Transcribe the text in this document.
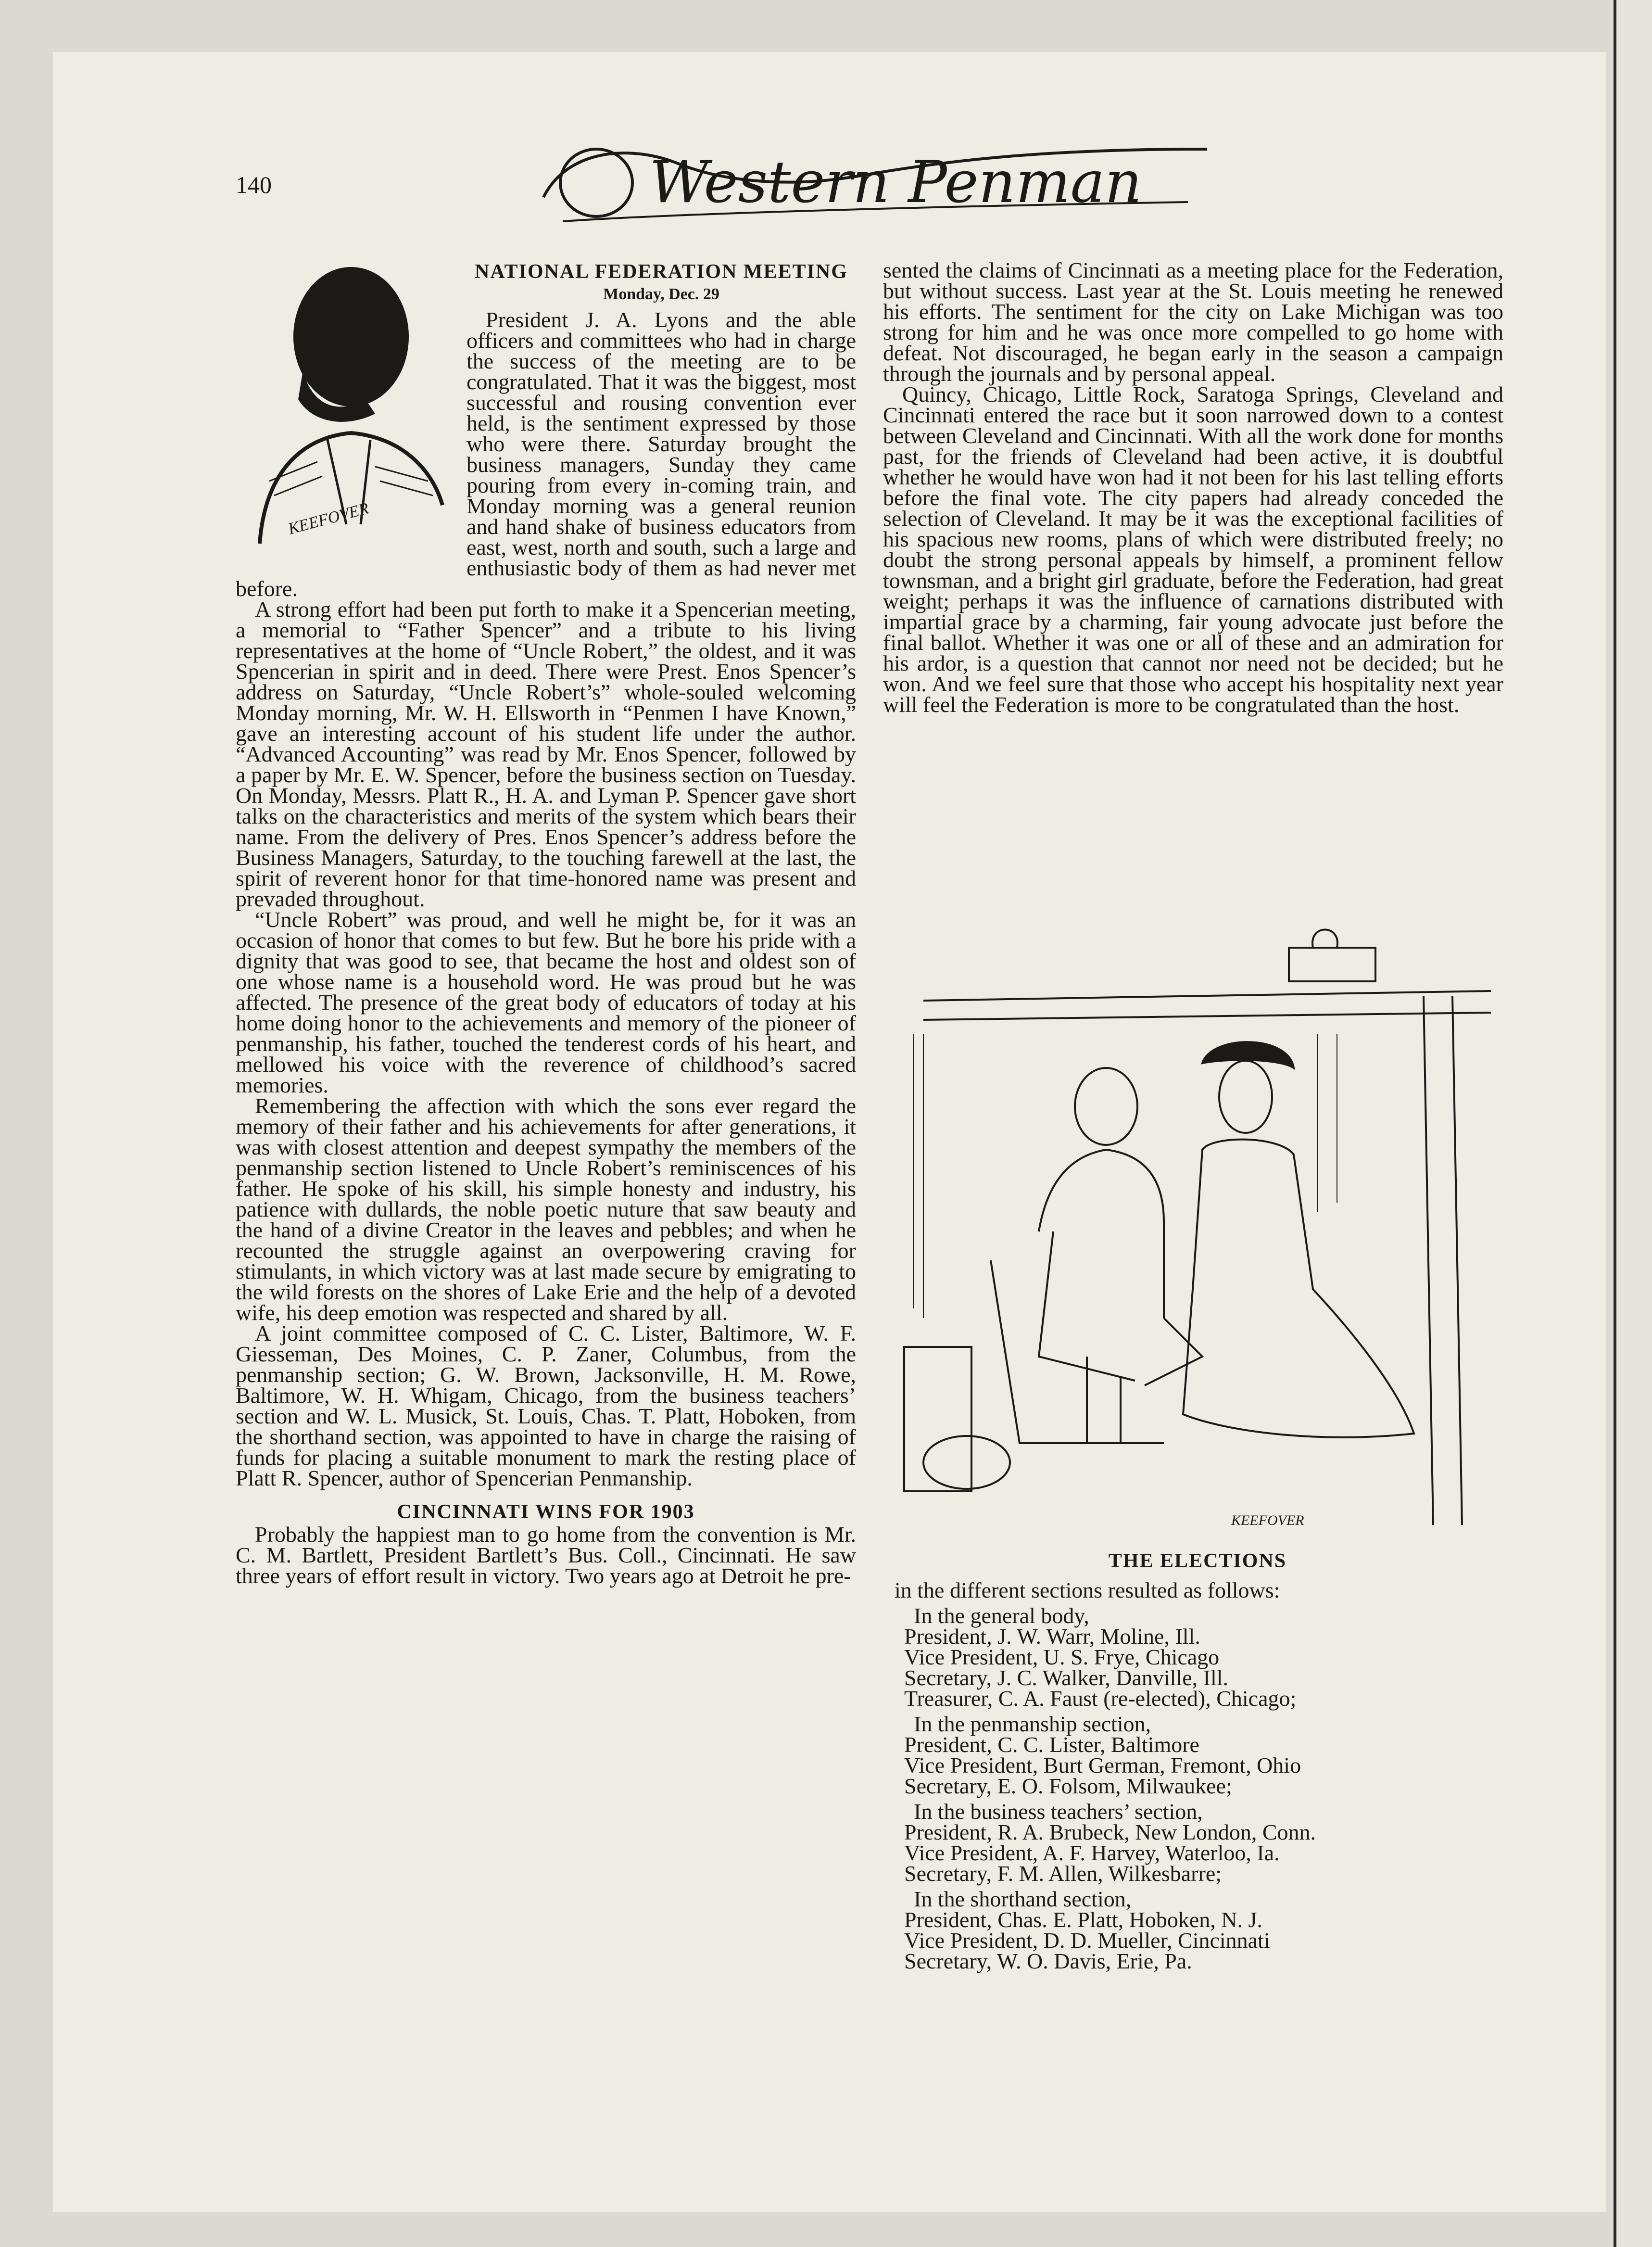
140	Western Penman
KEEFOVER
NATIONAL FEDERATION MEETING
Monday, Dec. 29

President J. A. Lyons and the able officers and committees who had in charge the success of the meeting are to be congratulated. That it was the biggest, most successful and rousing convention ever held, is the sentiment expressed by those who were there. Saturday brought the business managers, Sunday they came pouring from every in-coming train, and Monday morning was a general reunion and hand shake of business educators from east, west, north and south, such a large and enthusiastic body of them as had never met before.

A strong effort had been put forth to make it a Spencerian meeting, a memorial to “Father Spencer” and a tribute to his living representatives at the home of “Uncle Robert,” the oldest, and it was Spencerian in spirit and in deed. There were Prest. Enos Spencer’s address on Saturday, “Uncle Robert’s” whole-souled welcoming Monday morning, Mr. W. H. Ellsworth in “Penmen I have Known,” gave an interesting account of his student life under the author. “Advanced Accounting” was read by Mr. Enos Spencer, followed by a paper by Mr. E. W. Spencer, before the business section on Tuesday. On Monday, Messrs. Platt R., H. A. and Lyman P. Spencer gave short talks on the characteristics and merits of the system which bears their name. From the delivery of Pres. Enos Spencer’s address before the Business Managers, Saturday, to the touching farewell at the last, the spirit of reverent honor for that time-honored name was present and prevaded throughout.

“Uncle Robert” was proud, and well he might be, for it was an occasion of honor that comes to but few. But he bore his pride with a dignity that was good to see, that became the host and oldest son of one whose name is a household word. He was proud but he was affected. The presence of the great body of educators of today at his home doing honor to the achievements and memory of the pioneer of penmanship, his father, touched the tenderest cords of his heart, and mellowed his voice with the reverence of childhood’s sacred memories.

Remembering the affection with which the sons ever regard the memory of their father and his achievements for after generations, it was with closest attention and deepest sympathy the members of the penmanship section listened to Uncle Robert’s reminiscences of his father. He spoke of his skill, his simple honesty and industry, his patience with dullards, the noble poetic nuture that saw beauty and the hand of a divine Creator in the leaves and pebbles; and when he recounted the struggle against an overpowering craving for stimulants, in which victory was at last made secure by emigrating to the wild forests on the shores of Lake Erie and the help of a devoted wife, his deep emotion was respected and shared by all.

A joint committee composed of C. C. Lister, Baltimore, W. F. Giesseman, Des Moines, C. P. Zaner, Columbus, from the penmanship section; G. W. Brown, Jacksonville, H. M. Rowe, Baltimore, W. H. Whigam, Chicago, from the business teachers’ section and W. L. Musick, St. Louis, Chas. T. Platt, Hoboken, from the shorthand section, was appointed to have in charge the raising of funds for placing a suitable monument to mark the resting place of Platt R. Spencer, author of Spencerian Penmanship.

CINCINNATI WINS FOR 1903

Probably the happiest man to go home from the convention is Mr. C. M. Bartlett, President Bartlett’s Bus. Coll., Cincinnati. He saw three years of effort result in victory. Two years ago at Detroit he pre-

sented the claims of Cincinnati as a meeting place for the Federation, but without success. Last year at the St. Louis meeting he renewed his efforts. The sentiment for the city on Lake Michigan was too strong for him and he was once more compelled to go home with defeat. Not discouraged, he began early in the season a campaign through the journals and by personal appeal.

Quincy, Chicago, Little Rock, Saratoga Springs, Cleveland and Cincinnati entered the race but it soon narrowed down to a contest between Cleveland and Cincinnati. With all the work done for months past, for the friends of Cleveland had been active, it is doubtful whether he would have won had it not been for his last telling efforts before the final vote. The city papers had already conceded the selection of Cleveland. It may be it was the exceptional facilities of his spacious new rooms, plans of which were distributed freely; no doubt the strong personal appeals by himself, a prominent fellow townsman, and a bright girl graduate, before the Federation, had great weight; perhaps it was the influence of carnations distributed with impartial grace by a charming, fair young advocate just before the final ballot. Whether it was one or all of these and an admiration for his ardor, is a question that cannot nor need not be decided; but he won. And we feel sure that those who accept his hospitality next year will feel the Federation is more to be congratulated than the host.

KEEFOVER
THE ELECTIONS
in the different sections resulted as follows:
In the general body,
President, J. W. Warr, Moline, Ill.
Vice President, U. S. Frye, Chicago
Secretary, J. C. Walker, Danville, Ill.
Treasurer, C. A. Faust (re-elected), Chicago;
In the penmanship section,
President, C. C. Lister, Baltimore
Vice President, Burt German, Fremont, Ohio
Secretary, E. O. Folsom, Milwaukee;
In the business teachers’ section,
President, R. A. Brubeck, New London, Conn.
Vice President, A. F. Harvey, Waterloo, Ia.
Secretary, F. M. Allen, Wilkesbarre;
In the shorthand section,
President, Chas. E. Platt, Hoboken, N. J.
Vice President, D. D. Mueller, Cincinnati
Secretary, W. O. Davis, Erie, Pa.
